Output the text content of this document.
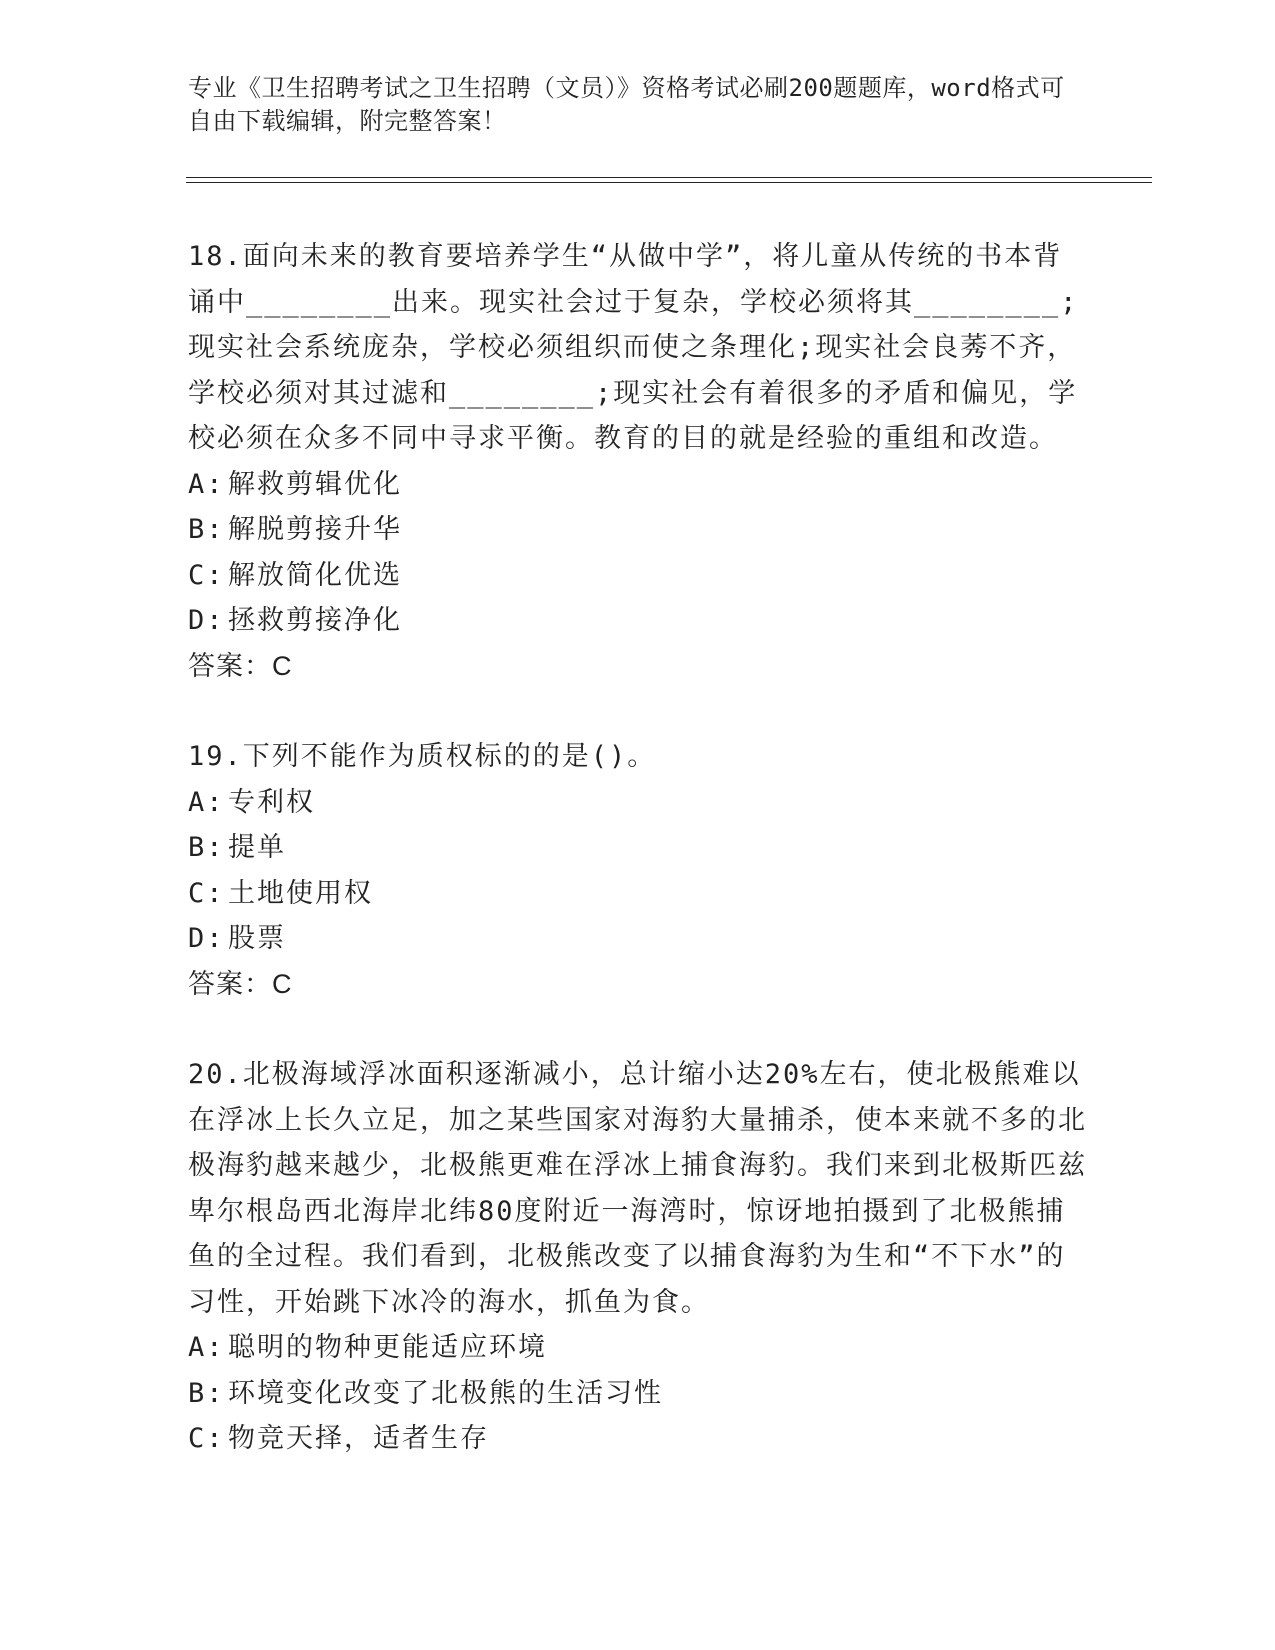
专业《卫生招聘考试之卫生招聘（文员）》资格考试必刷200题题库，word格式可自由下载编辑，附完整答案！

18.面向未来的教育要培养学生“从做中学”，将儿童从传统的书本背诵中________出来。现实社会过于复杂，学校必须将其________;现实社会系统庞杂，学校必须组织而使之条理化;现实社会良莠不齐，学校必须对其过滤和________;现实社会有着很多的矛盾和偏见，学校必须在众多不同中寻求平衡。教育的目的就是经验的重组和改造。

A: 解救剪辑优化
B: 解脱剪接升华
C: 解放简化优选
D: 拯救剪接净化

答案：C

19.下列不能作为质权标的的是()。

A: 专利权
B: 提单
C: 土地使用权
D: 股票

答案：C

20.北极海域浮冰面积逐渐减小，总计缩小达20%左右，使北极熊难以在浮冰上长久立足，加之某些国家对海豹大量捕杀，使本来就不多的北极海豹越来越少，北极熊更难在浮冰上捕食海豹。我们来到北极斯匹兹卑尔根岛西北海岸北纬80度附近一海湾时，惊讶地拍摄到了北极熊捕鱼的全过程。我们看到，北极熊改变了以捕食海豹为生和“不下水”的习性，开始跳下冰冷的海水，抓鱼为食。

A: 聪明的物种更能适应环境
B: 环境变化改变了北极熊的生活习性
C: 物竞天择，适者生存
